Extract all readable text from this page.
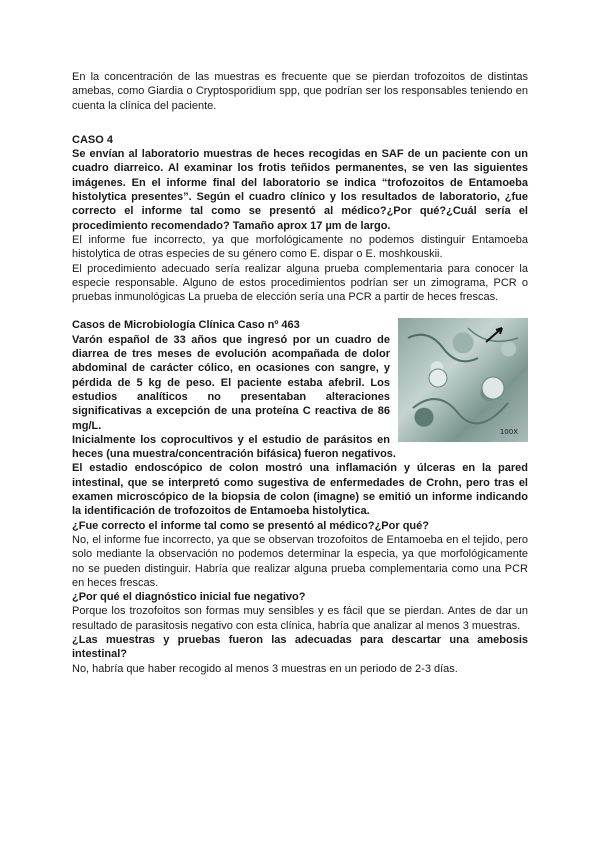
En la concentración de las muestras es frecuente que se pierdan trofozoitos de distintas amebas, como Giardia o Cryptosporidium spp, que podrían ser los responsables teniendo en cuenta la clínica del paciente.

CASO 4

Se envían al laboratorio muestras de heces recogidas en SAF de un paciente con un cuadro diarreico. Al examinar los frotis teñidos permanentes, se ven las siguientes imágenes. En el informe final del laboratorio se indica “trofozoitos de Entamoeba histolytica presentes”. Según el cuadro clínico y los resultados de laboratorio, ¿fue correcto el informe tal como se presentó al médico?¿Por qué?¿Cuál sería el procedimiento recomendado? Tamaño aprox 17 µm de largo.

El informe fue incorrecto, ya que morfológicamente no podemos distinguir Entamoeba histolytica de otras especies de su género como E. dispar o E. moshkouskii.

El procedimiento adecuado sería realizar alguna prueba complementaria para conocer la especie responsable. Alguno de estos procedimientos podrían ser un zimograma, PCR o pruebas inmunológicas La prueba de elección sería una PCR a partir de heces frescas.

100X

Casos de Microbiología Clínica Caso nº 463

Varón español de 33 años que ingresó por un cuadro de diarrea de tres meses de evolución acompañada de dolor abdominal de carácter cólico, en ocasiones con sangre, y pérdida de 5 kg de peso. El paciente estaba afebril. Los estudios analíticos no presentaban alteraciones significativas a excepción de una proteína C reactiva de 86 mg/L.

Inicialmente los coprocultivos y el estudio de parásitos en heces (una muestra/concentración bifásica) fueron negativos.

El estadio endoscópico de colon mostró una inflamación y úlceras en la pared intestinal, que se interpretó como sugestiva de enfermedades de Crohn, pero tras el examen microscópico de la biopsia de colon (imagne) se emitió un informe indicando la identificación de trofozoitos de Entamoeba histolytica.

¿Fue correcto el informe tal como se presentó al médico?¿Por qué?

No, el informe fue incorrecto, ya que se observan trozofoitos de Entamoeba en el tejido, pero solo mediante la observación no podemos determinar la especia, ya que morfológicamente no se pueden distinguir. Habría que realizar alguna prueba complementaria como una PCR en heces frescas.

¿Por qué el diagnóstico inicial fue negativo?

Porque los trozofoitos son formas muy sensibles y es fácil que se pierdan. Antes de dar un resultado de parasitosis negativo con esta clínica, habría que analizar al menos 3 muestras.

¿Las muestras y pruebas fueron las adecuadas para descartar una amebosis intestinal?

No, habría que haber recogido al menos 3 muestras en un periodo de 2-3 días.
